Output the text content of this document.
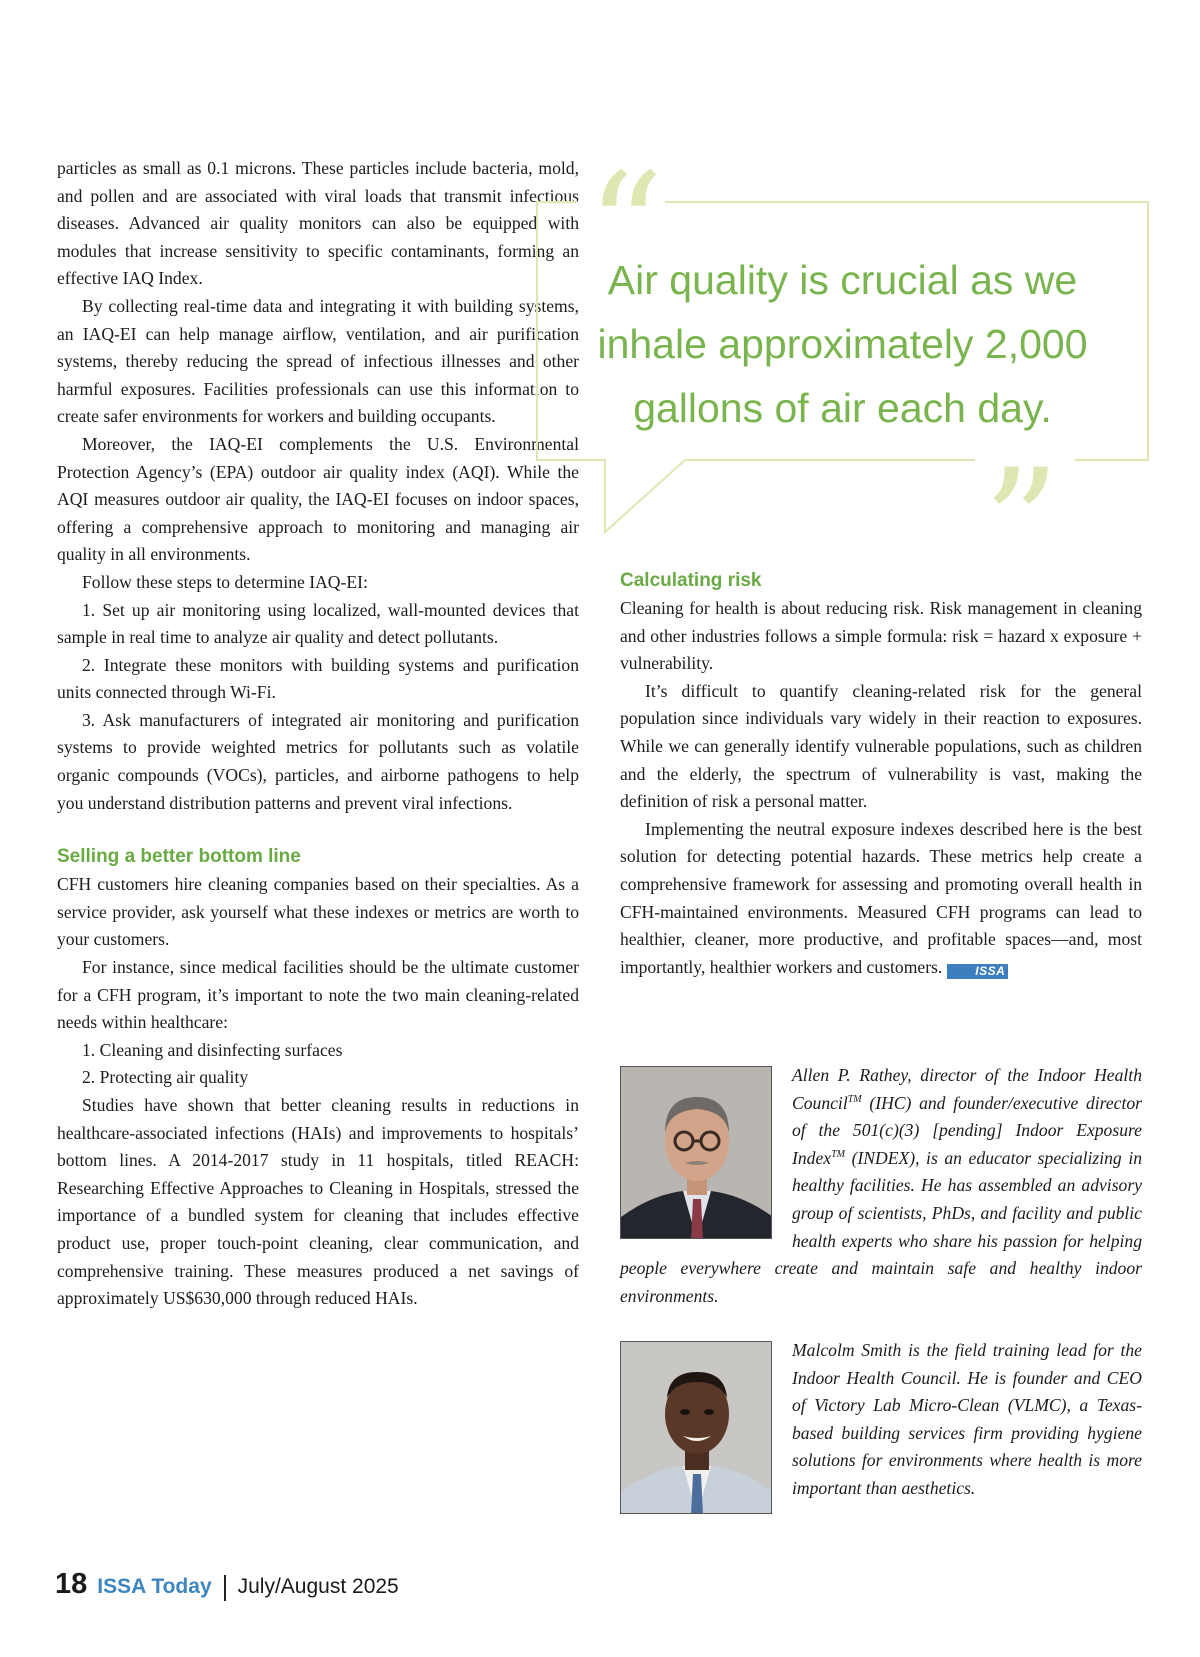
particles as small as 0.1 microns. These particles include bacteria, mold, and pollen and are associated with viral loads that transmit infectious diseases. Advanced air quality monitors can also be equipped with modules that increase sensitivity to specific contaminants, forming an effective IAQ Index.

By collecting real-time data and integrating it with building systems, an IAQ-EI can help manage airflow, ventilation, and air purification systems, thereby reducing the spread of infectious illnesses and other harmful exposures. Facilities professionals can use this information to create safer environments for workers and building occupants.

Moreover, the IAQ-EI complements the U.S. Environmental Protection Agency’s (EPA) outdoor air quality index (AQI). While the AQI measures outdoor air quality, the IAQ-EI focuses on indoor spaces, offering a comprehensive approach to monitoring and managing air quality in all environments.

Follow these steps to determine IAQ-EI:

1. Set up air monitoring using localized, wall-mounted devices that sample in real time to analyze air quality and detect pollutants.

2. Integrate these monitors with building systems and purification units connected through Wi-Fi.

3. Ask manufacturers of integrated air monitoring and purification systems to provide weighted metrics for pollutants such as volatile organic compounds (VOCs), particles, and airborne pathogens to help you understand distribution patterns and prevent viral infections.

Selling a better bottom line

CFH customers hire cleaning companies based on their specialties. As a service provider, ask yourself what these indexes or metrics are worth to your customers.

For instance, since medical facilities should be the ultimate customer for a CFH program, it’s important to note the two main cleaning-related needs within healthcare:

1. Cleaning and disinfecting surfaces

2. Protecting air quality

Studies have shown that better cleaning results in reductions in healthcare-associated infections (HAIs) and improvements to hospitals’ bottom lines. A 2014-2017 study in 11 hospitals, titled REACH: Researching Effective Approaches to Cleaning in Hospitals, stressed the importance of a bundled system for cleaning that includes effective product use, proper touch-point cleaning, clear communication, and comprehensive training. These measures produced a net savings of approximately US$630,000 through reduced HAIs.

“
Air quality is crucial as we inhale approximately 2,000 gallons of air each day.
”
Calculating risk

Cleaning for health is about reducing risk. Risk management in cleaning and other industries follows a simple formula: risk = hazard x exposure + vulnerability.

It’s difficult to quantify cleaning-related risk for the general population since individuals vary widely in their reaction to exposures. While we can generally identify vulnerable populations, such as children and the elderly, the spectrum of vulnerability is vast, making the definition of risk a personal matter.

Implementing the neutral exposure indexes described here is the best solution for detecting potential hazards. These metrics help create a comprehensive framework for assessing and promoting overall health in CFH-maintained environments. Measured CFH programs can lead to healthier, cleaner, more productive, and profitable spaces—and, most importantly, healthier workers and customers.	ISSA

Allen P. Rathey, director of the Indoor Health Council™ (IHC) and founder/executive director of the 501(c)(3) [pending] Indoor Exposure Index™ (INDEX), is an educator specializing in healthy facilities. He has assembled an advisory group of scientists, PhDs, and facility and public health experts who share his passion for helping people everywhere create and maintain safe and healthy indoor environments.
Malcolm Smith is the field training lead for the Indoor Health Council. He is founder and CEO of Victory Lab Micro-Clean (VLMC), a Texas-based building services firm providing hygiene solutions for environments where health is more important than aesthetics.
18 ISSA Today July/August 2025
